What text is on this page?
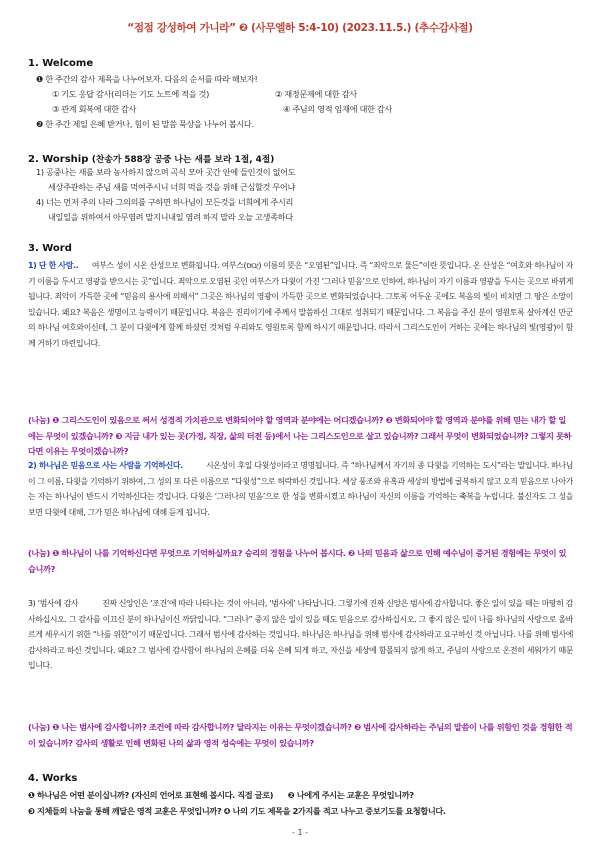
“점점 강성하여 가니라” ❷ (사무엘하 5:4-10) (2023.11.5.) (추수감사절)
1. Welcome
❶ 한 주간의 감사 제목을 나누어보자. 다음의 순서를 따라 해보자!
① 기도 응답 감사(리더는 기도 노트에 적을 것)	② 재정문제에 대한 감사
③ 관계 회복에 대한 감사	④ 주님의 영적 임재에 대한 감사
❷ 한 주간 제일 은혜 받거나, 힘이 된 말씀 묵상을 나누어 봅시다.
2. Worship (찬송가 588장 공중 나는 새를 보라 1절, 4절)
1) 공중나는 새를 보라 농사하지 않으며 곡식 모아 곳간 안에 들인것이 없어도
세상주관하는 주님 새를 먹여주시니 너희 먹을 것을 위해 근심할것 무어냐
4) 너는 먼저 주의 나라 그의의를 구하면 하나님이 모든것을 너희에게 주시리
내일일을 위하여서 아무염려 말지니내일 염려 하지 말라 오늘 고생족하다
3. Word
1) 단 한 사람.. 여부스 성이 시온 산성으로 변화됩니다. 여부스(יְבוּס) 이름의 뜻은 “오염된”입니다. 즉 “죄악으로 물든”이란 뜻입니다. 온 산성은 “여호와 하나님이 자기 이름을 두시고 영광을 받으시는 곳”입니다. 죄악으로 오염된 곳인 여부스가 다윗이 가진 ‘그러나 믿음’으로 인하여, 하나님이 자기 이름과 영광을 두시는 곳으로 바뀌게 됩니다. 죄악이 가득한 곳에 “믿음의 용사에 의해서” 그곳은 하나님의 영광이 가득한 곳으로 변화되었습니다. 그토록 어두운 곳에도 복음의 빛이 비치면 그 땅은 소망이 있습니다. 왜요? 복음은 생명이고 능력이기 때문입니다. 복음은 진리이기에 주께서 말씀하신 그대로 성취되기 때문입니다. 그 복음을 주신 분이 영원토록 살아계신 만군의 하나님 여호와이신데, 그 분이 다윗에게 함께 하셨던 것처럼 우리와도 영원토록 함께 하시기 때문입니다. 따라서 그리스도인이 거하는 곳에는 하나님의 빛(영광)이 함께 거하기 마련입니다.
(나눔) ❶ 그리스도인이 있음으로 써서 성경적 가치관으로 변화되어야 할 영역과 분야에는 어디겠습니까? ❷ 변화되어야 할 영역과 분야를 위해 믿는 내가 할 일에는 무엇이 있겠습니까? ❸ 지금 내가 있는 곳(가정, 직장, 삶의 터전 등)에서 나는 그리스도인으로 살고 있습니까? 그래서 무엇이 변화되었습니까? 그렇지 못하다면 이유는 무엇이겠습니까?
2) 하나님은 믿음으로 사는 사람을 기억하신다.	시온성이 후일 다윗성이라고 명명됩니다. 즉 “하나님께서 자기의 종 다윗을 기억하는 도시”라는 말입니다. 하나님이 그 이름, 다윗을 기억하기 위하여, 그 성의 또 다른 이름으로 “다윗성”으로 허락하신 것입니다. 세상 풍조와 유혹과 세상의 방법에 굴복하지 않고 오직 믿음으로 나아가는 자는 하나님이 반드시 기억하신다는 것입니다. 다윗은 ‘그러나의 믿음’으로 한 성을 변화시켰고 하나님이 자신의 이름을 기억하는 축복을 누립니다. 불신자도 그 성을 보면 다윗에 대해, 그가 믿은 하나님에 대해 듣게 됩니다.
(나눔) ❶ 하나님이 나를 기억하신다면 무엇으로 기억하실까요? 승리의 경험을 나누어 봅시다. ❷ 나의 믿음과 삶으로 인해 예수님이 증거된 경험에는 무엇이 있습니까?
3) ‘범사에 감사	진짜 신앙인은 ‘조건’에 따라 나타나는 것이 아니라, ‘범사에’ 나타납니다. 그렇기에 진짜 신앙은 범사에 감사합니다. 좋은 일이 있을 때는 마땅히 감사하십시오. 그 감사를 이끄신 분이 하나님이신 까닭입니다. “그러나” 중지 않은 일이 있을 때도 믿음으로 감사하십시오. 그 좋지 않은 일이 나를 하나님의 사랑으로 올바르게 세우시기 위한 “나를 위한”이기 때문입니다. 그래서 범사에 감사하는 것입니다. 하나님은 하나님을 위해 범사에 감사하라고 요구하신 것 아닙니다. 나를 위해 범사에 감사하라고 하신 것입니다. 왜요? 그 범사에 감사함이 하나님의 은혜를 더욱 은혜 되게 하고, 자신을 세상에 함몰되지 않게 하고, 주님의 사랑으로 온전히 세워가기 때문입니다.
(나눔) ❶ 나는 범사에 감사합니까? 조건에 따라 감사합니까? 달라지는 이유는 무엇이겠습니까? ❷ 범사에 감사하라는 주님의 말씀이 나를 위함인 것을 경험한 적이 있습니까? 감사의 생활로 인해 변화된 나의 삶과 영적 성숙에는 무엇이 있습니까?
4. Works
❶ 하나님은 어떤 분이십니까? (자신의 언어로 표현해 봅시다. 직접 글로) ❷ 나에게 주시는 교훈은 무엇입니까?
❸ 지체들의 나눔을 통해 깨달은 영적 교훈은 무엇입니까? ❹ 나의 기도 제목을 2가지를 적고 나누고 중보기도를 요청합니다.
- 1 -
